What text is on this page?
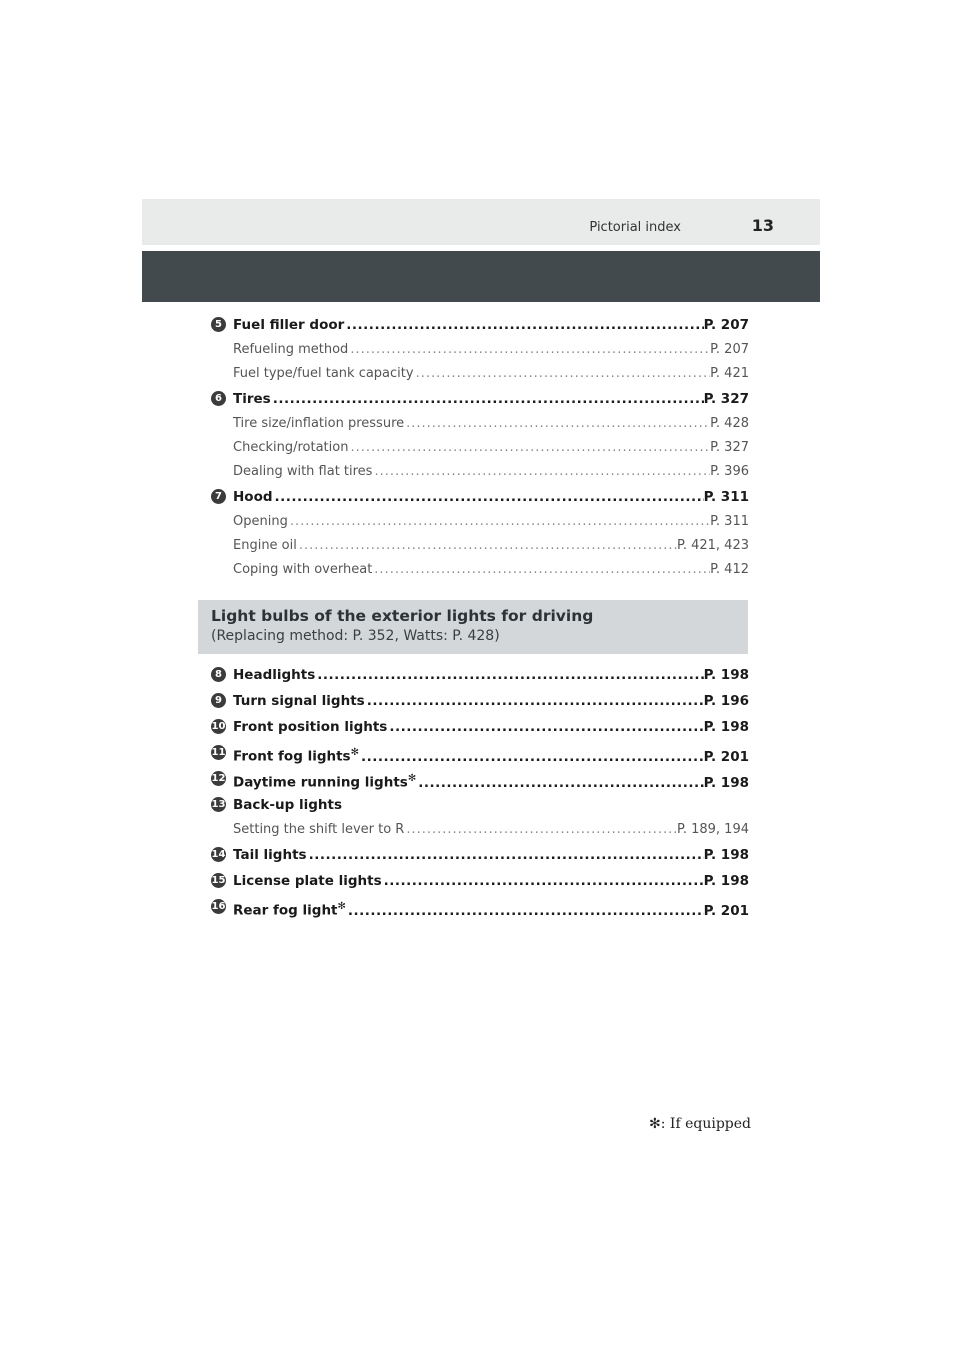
Pictorial index	13
5 Fuel filler door .....	P. 207
Refueling method .....	P. 207
Fuel type/fuel tank capacity .....	P. 421
6 Tires .....	P. 327
Tire size/inflation pressure .....	P. 428
Checking/rotation .....	P. 327
Dealing with flat tires .....	P. 396
7 Hood .....	P. 311
Opening .....	P. 311
Engine oil .....	P. 421, 423
Coping with overheat .....	P. 412
Light bulbs of the exterior lights for driving
(Replacing method: P. 352, Watts: P. 428)
8 Headlights .....	P. 198
9 Turn signal lights .....	P. 196
10 Front position lights .....	P. 198
11 Front fog lights✻ .....	P. 201
12 Daytime running lights✻ .....	P. 198
13 Back-up lights
Setting the shift lever to R .....	P. 189, 194
14 Tail lights .....	P. 198
15 License plate lights .....	P. 198
16 Rear fog light✻ .....	P. 201
✻: If equipped
